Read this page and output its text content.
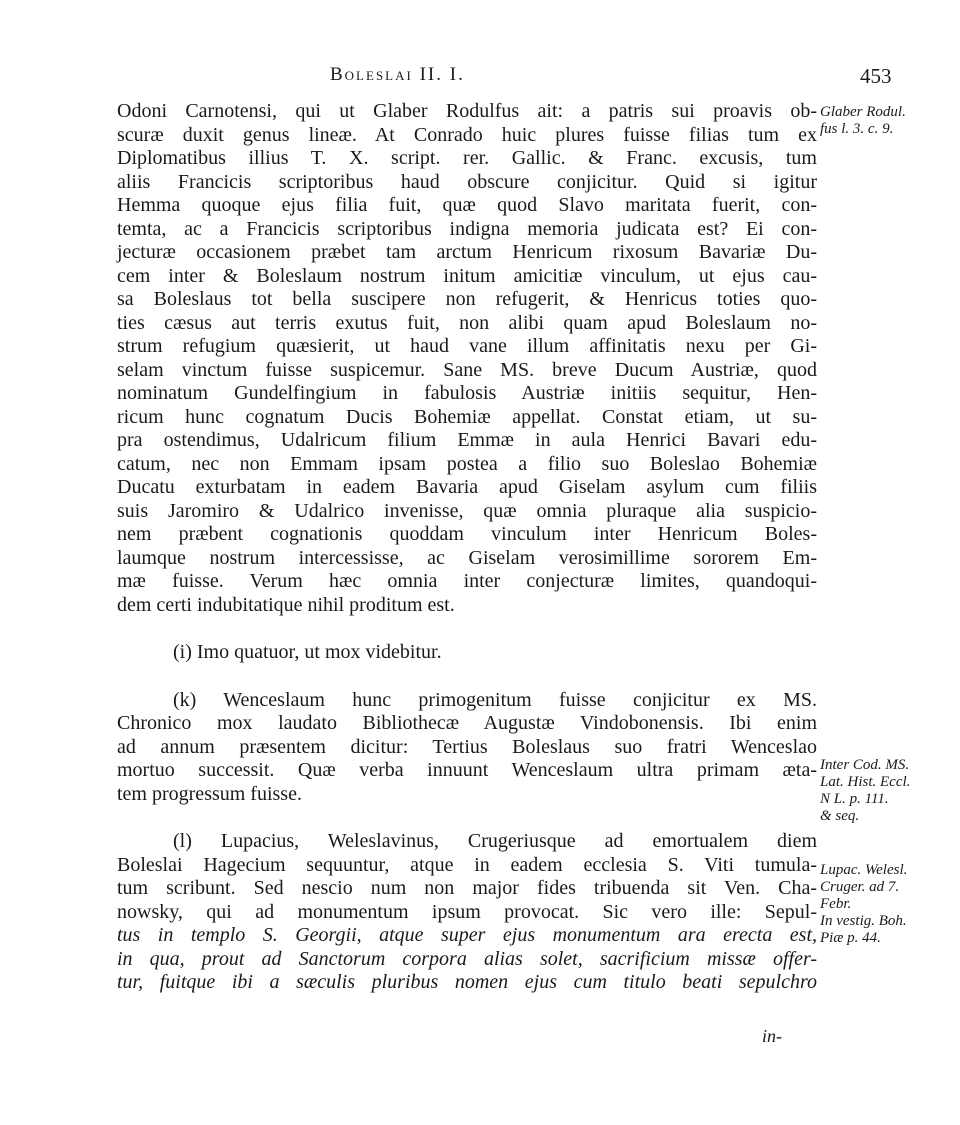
Boleslai II. I.	453
Odoni Carnotensi, qui ut Glaber Rodulfus ait: a patris sui proavis ob-
scuræ duxit genus lineæ. At Conrado huic plures fuisse filias tum ex
Diplomatibus illius T. X. script. rer. Gallic. & Franc. excusis, tum
aliis Francicis scriptoribus haud obscure conjicitur. Quid si igitur
Hemma quoque ejus filia fuit, quæ quod Slavo maritata fuerit, con-
temta, ac a Francicis scriptoribus indigna memoria judicata est? Ei con-
jecturæ occasionem præbet tam arctum Henricum rixosum Bavariæ Du-
cem inter & Boleslaum nostrum initum amicitiæ vinculum, ut ejus cau-
sa Boleslaus tot bella suscipere non refugerit, & Henricus toties quo-
ties cæsus aut terris exutus fuit, non alibi quam apud Boleslaum no-
strum refugium quæsierit, ut haud vane illum affinitatis nexu per Gi-
selam vinctum fuisse suspicemur. Sane MS. breve Ducum Austriæ, quod
nominatum Gundelfingium in fabulosis Austriæ initiis sequitur, Hen-
ricum hunc cognatum Ducis Bohemiæ appellat. Constat etiam, ut su-
pra ostendimus, Udalricum filium Emmæ in aula Henrici Bavari edu-
catum, nec non Emmam ipsam postea a filio suo Boleslao Bohemiæ
Ducatu exturbatam in eadem Bavaria apud Giselam asylum cum filiis
suis Jaromiro & Udalrico invenisse, quæ omnia pluraque alia suspicio-
nem præbent cognationis quoddam vinculum inter Henricum Boles-
laumque nostrum intercessisse, ac Giselam verosimillime sororem Em-
mæ fuisse. Verum hæc omnia inter conjecturæ limites, quandoqui-
dem certi indubitatique nihil proditum est.
(i) Imo quatuor, ut mox videbitur.
(k) Wenceslaum hunc primogenitum fuisse conjicitur ex MS.
Chronico mox laudato Bibliothecæ Augustæ Vindobonensis. Ibi enim
ad annum præsentem dicitur: Tertius Boleslaus suo fratri Wenceslao
mortuo successit. Quæ verba innuunt Wenceslaum ultra primam æta-
tem progressum fuisse.
(l) Lupacius, Weleslavinus, Crugeriusque ad emortualem diem
Boleslai Hagecium sequuntur, atque in eadem ecclesia S. Viti tumula-
tum scribunt. Sed nescio num non major fides tribuenda sit Ven. Cha-
nowsky, qui ad monumentum ipsum provocat. Sic vero ille: Sepul-
tus in templo S. Georgii, atque super ejus monumentum ara erecta est,
in qua, prout ad Sanctorum corpora alias solet, sacrificium missæ offer-
tur, fuitque ibi a sæculis pluribus nomen ejus cum titulo beati sepulchro
Glaber Rodul.
fus l. 3. c. 9.
Inter Cod. MS.
Lat. Hist. Eccl.
N L. p. 111.
& seq.
Lupac. Welesl.
Cruger. ad 7.
Febr.
In vestig. Boh.
Piæ p. 44.
in-
